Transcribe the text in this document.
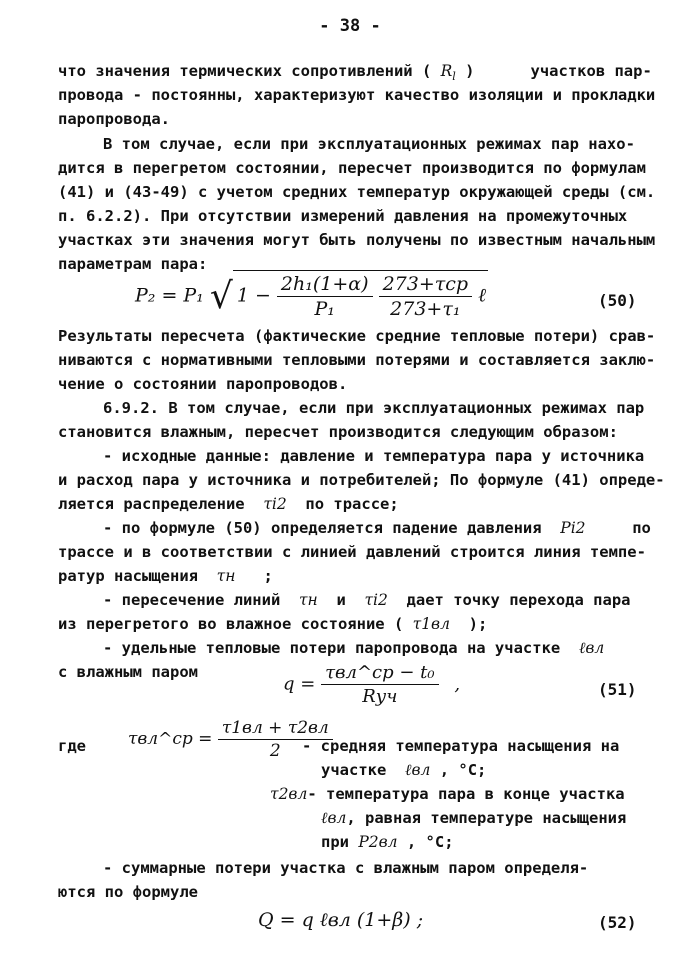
- 38 -
что значения термических сопротивлений ( $R_l$ )      участков пар-
провода - постоянны, характеризуют качество изоляции и прокладки
паропровода.
В том случае, если при эксплуатационных режимах пар нахо-
дится в перегретом состоянии, пересчет производится по формулам
(41) и (43-49) с учетом средних температур окружающей среды (см.
п. 6.2.2). При отсутствии измерений давления на промежуточных
участках эти значения могут быть получены по известным начальным
параметрам пара:
P₂ = P₁ √ $1 - \frac{\text{2h₁(1+α)}}{\text{P₁}}$
$\frac{\text{273+τcp}}{\text{273+τ₁}}$ ℓ	(50)
Результаты пересчета (фактические средние тепловые потери) срав-
ниваются с нормативными тепловыми потерями и составляется заклю-
чение о состоянии паропроводов.
6.9.2. В том случае, если при эксплуатационных режимах пар
становится влажным, пересчет производится следующим образом:
- исходные данные: давление и температура пара у источника
и расход пара у источника и потребителей; По формуле (41) опреде-
ляется распределение τi2 по трассе;
- по формуле (50) определяется падение давления Pi2	по
трассе и в соответствии с линией давлений строится линия темпе-
ратур насыщения τн ;
- пересечение линий τн и τi2 дает точку перехода пара
из перегретого во влажное состояние ( τ1вл );
- удельные тепловые потери паропровода на участке ℓвл
с влажным паром
$q = \frac{\text{τвл\textasciicircum{}cp − t₀}}{\text{Rуч}}$ ,	(51)
где τвл^cp = $\frac{\tau 1вл + \tau 2вл}{2}$
- средняя температура насыщения на
участке ℓвл , °С;
τ2вл- температура пара в конце участка
ℓвл, равная температуре насыщения
при P2вл , °С;
- суммарные потери участка с влажным паром определя-
ются по формуле
Q = q ℓвл (1+β) ;	(52)
